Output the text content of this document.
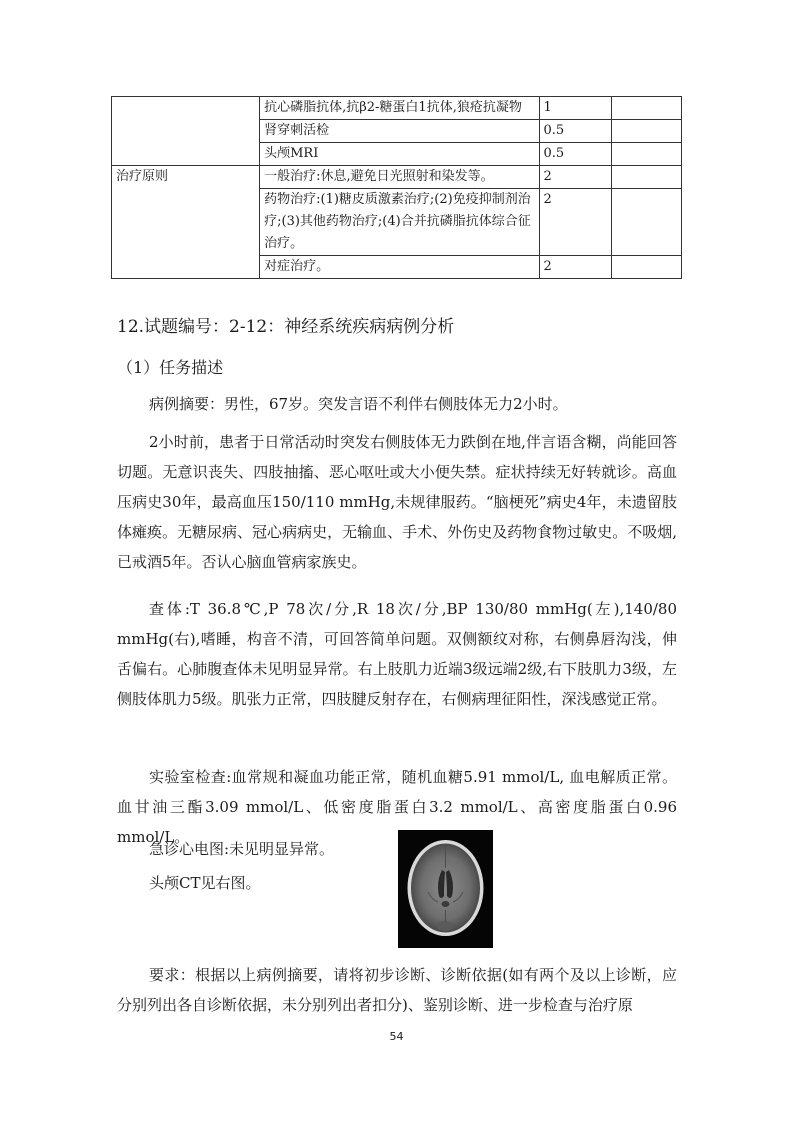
	抗心磷脂抗体,抗β2-糖蛋白1抗体,狼疮抗凝物	1	
	肾穿刺活检	0.5	
	头颅MRI	0.5	
治疗原则	一般治疗:休息,避免日光照射和染发等。	2	
	药物治疗:(1)糖皮质激素治疗;(2)免疫抑制剂治疗;(3)其他药物治疗;(4)合并抗磷脂抗体综合征治疗。	2	
	对症治疗。	2	
12.试题编号：2-12：神经系统疾病病例分析
（1）任务描述

病例摘要：男性，67岁。突发言语不利伴右侧肢体无力2小时。

2小时前，患者于日常活动时突发右侧肢体无力跌倒在地,伴言语含糊，尚能回答切题。无意识丧失、四肢抽搐、恶心呕吐或大小便失禁。症状持续无好转就诊。高血压病史30年，最高血压150/110 mmHg,未规律服药。“脑梗死”病史4年，未遗留肢体瘫痪。无糖尿病、冠心病病史，无输血、手术、外伤史及药物食物过敏史。不吸烟,已戒酒5年。否认心脑血管病家族史。

查体:T 36.8℃,P 78次/分,R 18次/分,BP 130/80 mmHg(左),140/80 mmHg(右),嗜睡，构音不清，可回答简单问题。双侧额纹对称，右侧鼻唇沟浅，伸舌偏右。心肺腹查体未见明显异常。右上肢肌力近端3级远端2级,右下肢肌力3级，左侧肢体肌力5级。肌张力正常，四肢腱反射存在，右侧病理征阳性，深浅感觉正常。

实验室检查:血常规和凝血功能正常，随机血糖5.91 mmol/L, 血电解质正常。血甘油三酯3.09 mmol/L、低密度脂蛋白3.2 mmol/L、高密度脂蛋白0.96 mmol/L。

急诊心电图:未见明显异常。
头颅CT见右图。

要求：根据以上病例摘要，请将初步诊断、诊断依据(如有两个及以上诊断，应分别列出各自诊断依据，未分别列出者扣分)、鉴别诊断、进一步检查与治疗原

54
